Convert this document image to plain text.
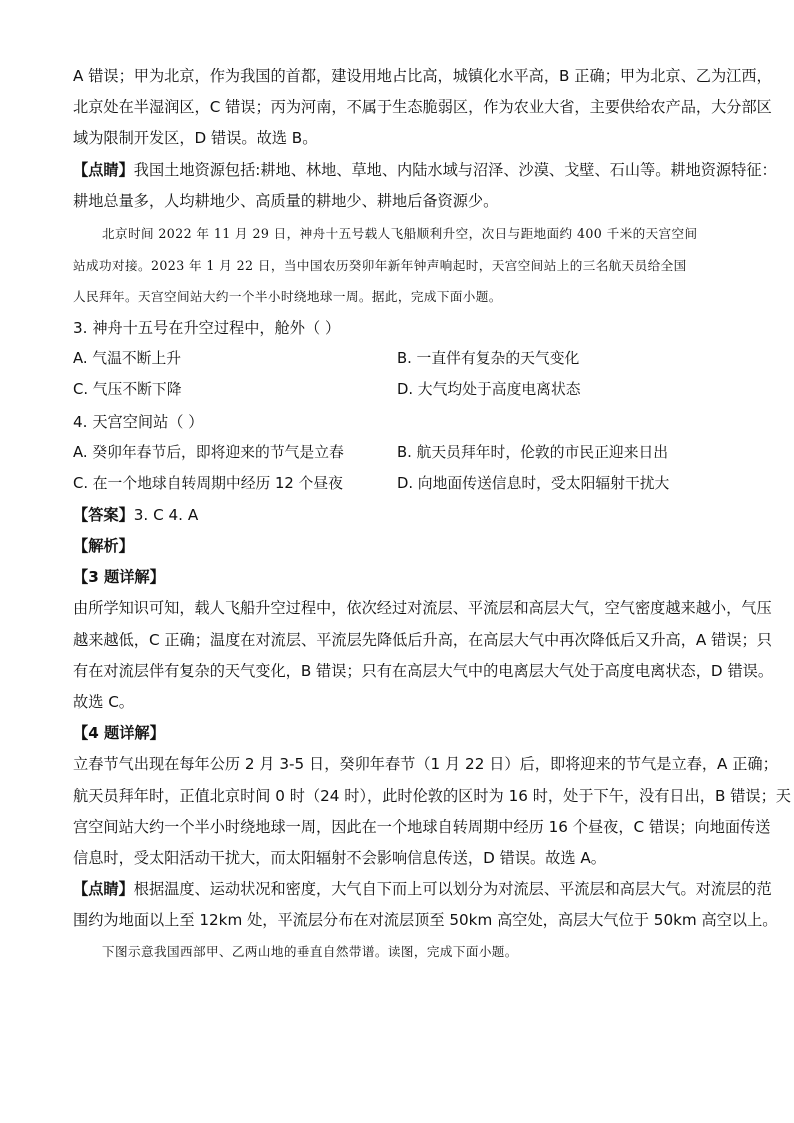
A 错误；甲为北京，作为我国的首都，建设用地占比高，城镇化水平高，B 正确；甲为北京、乙为江西，
北京处在半湿润区，C 错误；丙为河南，不属于生态脆弱区，作为农业大省，主要供给农产品，大分部区
域为限制开发区，D 错误。故选 B。
【点睛】我国土地资源包括:耕地、林地、草地、内陆水域与沼泽、沙漠、戈壁、石山等。耕地资源特征：
耕地总量多，人均耕地少、高质量的耕地少、耕地后备资源少。
北京时间 2022 年 11 月 29 日，神舟十五号载人飞船顺利升空，次日与距地面约 400 千米的天宫空间
站成功对接。2023 年 1 月 22 日，当中国农历癸卯年新年钟声响起时，天宫空间站上的三名航天员给全国
人民拜年。天宫空间站大约一个半小时绕地球一周。据此，完成下面小题。
3. 神舟十五号在升空过程中，舱外（ ）
A. 气温不断上升	B. 一直伴有复杂的天气变化
C. 气压不断下降	D. 大气均处于高度电离状态
4. 天宫空间站（ ）
A. 癸卯年春节后，即将迎来的节气是立春	B. 航天员拜年时，伦敦的市民正迎来日出
C. 在一个地球自转周期中经历 12 个昼夜	D. 向地面传送信息时，受太阳辐射干扰大
【答案】3. C 4. A
【解析】
【3 题详解】
由所学知识可知，载人飞船升空过程中，依次经过对流层、平流层和高层大气，空气密度越来越小，气压
越来越低，C 正确；温度在对流层、平流层先降低后升高，在高层大气中再次降低后又升高，A 错误；只
有在对流层伴有复杂的天气变化，B 错误；只有在高层大气中的电离层大气处于高度电离状态，D 错误。
故选 C。
【4 题详解】
立春节气出现在每年公历 2 月 3-5 日，癸卯年春节（1 月 22 日）后，即将迎来的节气是立春，A 正确；
航天员拜年时，正值北京时间 0 时（24 时），此时伦敦的区时为 16 时，处于下午，没有日出，B 错误；天
宫空间站大约一个半小时绕地球一周，因此在一个地球自转周期中经历 16 个昼夜，C 错误；向地面传送
信息时，受太阳活动干扰大，而太阳辐射不会影响信息传送，D 错误。故选 A。
【点睛】根据温度、运动状况和密度，大气自下而上可以划分为对流层、平流层和高层大气。对流层的范
围约为地面以上至 12km 处，平流层分布在对流层顶至 50km 高空处，高层大气位于 50km 高空以上。
下图示意我国西部甲、乙两山地的垂直自然带谱。读图，完成下面小题。
